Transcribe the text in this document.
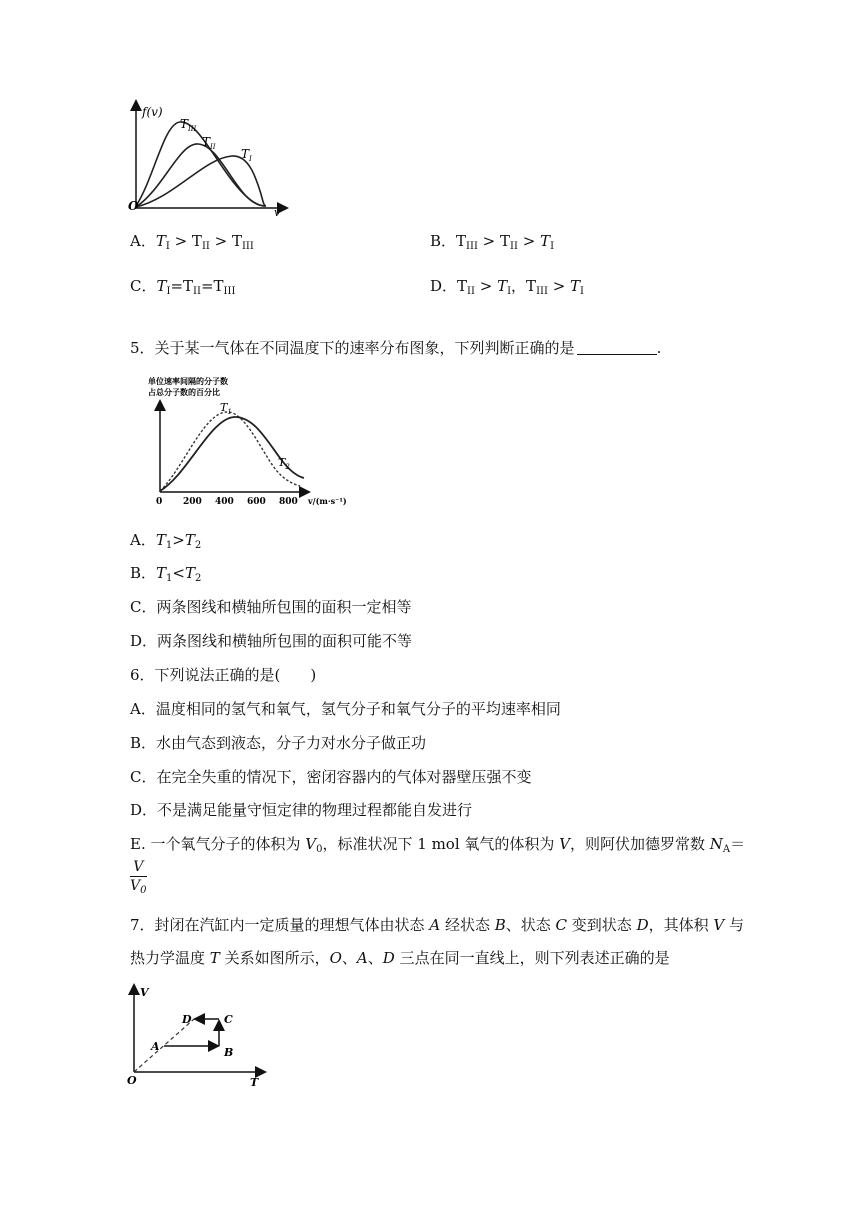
f(v)
O	v
$T_{III}$
$T_{II}$ $T_I$
A．$T_I > T_{II} > T_{III}$	B．$T_{III} > T_{II} > T_I$
C．$T_I=T_{II}=T_{III}$	D．$T_{II} > T_I$，$T_{III} > T_I$
5．关于某一气体在不同温度下的速率分布图象，下列判断正确的是	.
单位速率间隔的分子数
占总分子数的百分比
$T_1$
$T_2$
0 200 400 600 800 v/(m·s⁻¹)
A．$T_1>T_2$
B．$T_1<T_2$
C．两条图线和横轴所包围的面积一定相等
D．两条图线和横轴所包围的面积可能不等
6．下列说法正确的是(　　)
A．温度相同的氢气和氧气，氢气分子和氧气分子的平均速率相同
B．水由气态到液态，分子力对水分子做正功
C．在完全失重的情况下，密闭容器内的气体对器壁压强不变
D．不是满足能量守恒定律的物理过程都能自发进行
E. 一个氧气分子的体积为 $V_0$，标准状况下 1 mol 氧气的体积为 V，则阿伏加德罗常数 $N_A=$
$\frac{V}{V_0}$
7．封闭在汽缸内一定质量的理想气体由状态 A 经状态 B、状态 C 变到状态 D，其体积 V 与
热力学温度 T 关系如图所示，O、A、D 三点在同一直线上，则下列表述正确的是
V
T
O
A	B
C
D
